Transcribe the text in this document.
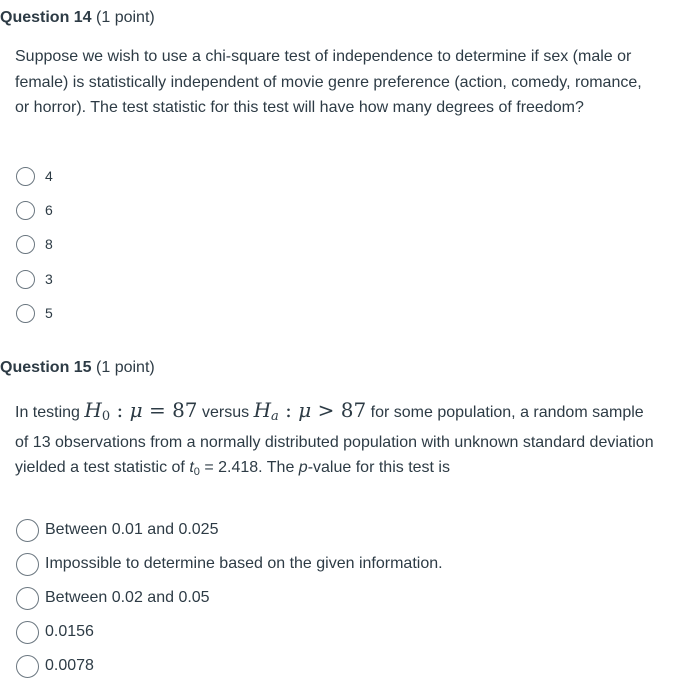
Question 14 (1 point)
Suppose we wish to use a chi-square test of independence to determine if sex (male or female) is statistically independent of movie genre preference (action, comedy, romance, or horror). The test statistic for this test will have how many degrees of freedom?
4
6
8
3
5
Question 15 (1 point)
In testing $H_0$ : μ = 87 versus $H_a$ : μ > 87 for some population, a random sample of 13 observations from a normally distributed population with unknown standard deviation yielded a test statistic of $t_0 = 2.418$. The p-value for this test is
Between 0.01 and 0.025
Impossible to determine based on the given information.
Between 0.02 and 0.05
0.0156
0.0078
